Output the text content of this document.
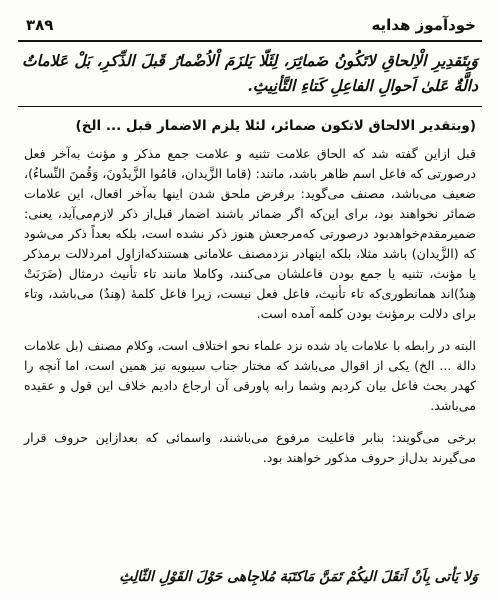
خودآموز هدایه
۳۸۹
وَبِتَقدِیرِ الْاِلحاقِ لاتَکُونُ ضَمائِرَ، لِئَلّا یَلزَمَ اْلاُضْمارُ قَبلَ الذِّکرِ، بَلْ عَلاماتٌ دالَّةٌ عَلىٰ اَحوالِ الفاعِلِ کَتاءِ التَّأنِیثِ.

(وبتقدیر الالحاق لاتکون ضمائر، لئلا یلزم الاضمار قبل ... الخ)

قبل ازاین گفته شد که الحاق علامت تثنیه و علامت جمع مذکر و مؤنث به‌آخر فعل درصورتی که فاعل اسم ظاهر باشد، مانند: (قاما الزَّیدان، قامُوا الزَّیدُونَ، وَقُمنَ النِّساءُ)، ضعیف می‌باشد، مصنف می‌گوید: برفرض ملحق شدن اینها به‌آخر افعال، این علامات ضمائر نخواهند بود، برای این‌که اگر ضمائر باشند اضمار قبل‌از ذکر لازم‌می‌آید، یعنی: ضمیرمقدم‌خواهدبود درصورتی که‌مرجعش هنوز ذکر نشده است، بلکه بعداً ذکر می‌شود که (الزَّیدان) باشد مثلا، بلکه اینهادر نزدمصنف علاماتی هستندکه‌ازاول امردلالت برمذکر یا مؤنث، تثنیه یا جمع بودن فاعلشان می‌کنند، وکاملا مانند تاء تأنیث درمثال (ضَرَبَتْ هِندٌ)اند همانطوری‌که تاء تأنیث، فاعل فعل نیست، زیرا فاعل کلمهٔ (هِندٌ) می‌باشد، وتاء برای دلالت برمؤنث بودن کلمه آمده است.

البته در رابطه با علامات یاد شده نزد علماء نحو اختلاف است، وکلام مصنف (بل علامات دالة ... الخ) یکی از اقوال می‌باشد که مختار جناب سیبویه نیز همین است، اما آنچه را کهدر بحث فاعل بیان کردیم وشما رابه پاورقی آن ارجاع دادیم خلاف این قول و عقیده می‌باشد.

برخی می‌گویند: بنابر فاعلیت مرفوع می‌باشند، واسمائی که بعدازاین حروف قرار می‌گیرند بدل‌از حروف مذکور خواهند بود.

وَلا یَأتی بِاَنْ اَتقَلَ الیکُمْ تَمَنَّ مَاکتَبَة مُلاجِاهی حَوْلَ القَوْلِ الثّالِثِ
